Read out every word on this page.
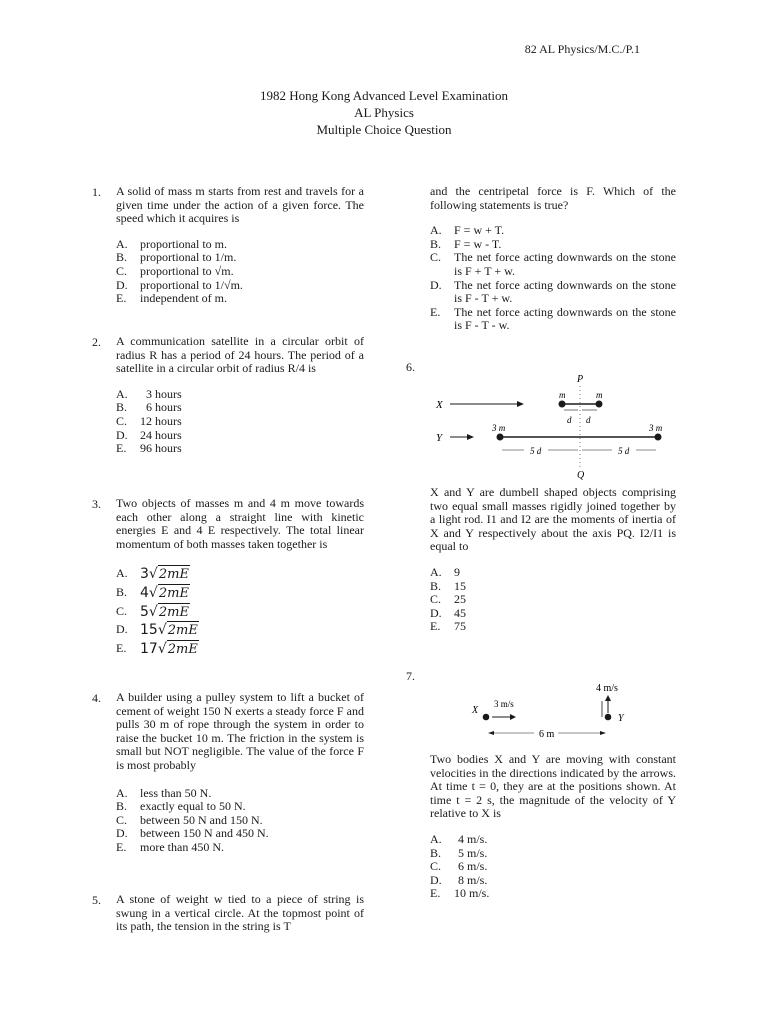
82 AL Physics/M.C./P.1
1982 Hong Kong Advanced Level Examination
AL Physics
Multiple Choice Question
1. A solid of mass m starts from rest and travels for a given time under the action of a given force. The speed which it acquires is
A.	proportional to m.
B.	proportional to 1/m.
C.	proportional to √m.
D.	proportional to 1/√m.
E.	independent of m.
2. A communication satellite in a circular orbit of radius R has a period of 24 hours. The period of a satellite in a circular orbit of radius R/4 is
A.	3 hours
B.	6 hours
C.	12 hours
D.	24 hours
E.	96 hours
3. Two objects of masses m and 4 m move towards each other along a straight line with kinetic energies E and 4 E respectively. The total linear momentum of both masses taken together is
A. 3 √ 2mE
B. 4 √ 2mE
C. 5 √ 2mE
D. 15 √ 2mE
E. 17 √ 2mE
4. A builder using a pulley system to lift a bucket of cement of weight 150 N exerts a steady force F and pulls 30 m of rope through the system in order to raise the bucket 10 m. The friction in the system is small but NOT negligible. The value of the force F is most probably
A.	less than 50 N.
B.	exactly equal to 50 N.
C.	between 50 N and 150 N.
D.	between 150 N and 450 N.
E.	more than 450 N.
5. A stone of weight w tied to a piece of string is swung in a vertical circle. At the topmost point of its path, the tension in the string is T
and the centripetal force is F. Which of the following statements is true?
A.	F = w + T.
B.	F = w - T.
C.	The net force acting downwards on the stone is F + T + w.
D.	The net force acting downwards on the stone is F - T + w.
E.	The net force acting downwards on the stone is F - T - w.
6.
P
Q
X
m	m
d d
Y
3 m	3 m
5 d	5 d
X and Y are dumbell shaped objects comprising two equal small masses rigidly joined together by a light rod. I1 and I2 are the moments of inertia of X and Y respectively about the axis PQ. I2/I1 is equal to
A.	9
B.	15
C.	25
D.	45
E.	75
7.
4 m/s
X
3 m/s
Y
6 m
Two bodies X and Y are moving with constant velocities in the directions indicated by the arrows. At time t = 0, they are at the positions shown. At time t = 2 s, the magnitude of the velocity of Y relative to X is
A.	4 m/s.
B.	5 m/s.
C.	6 m/s.
D.	8 m/s.
E.	10 m/s.
